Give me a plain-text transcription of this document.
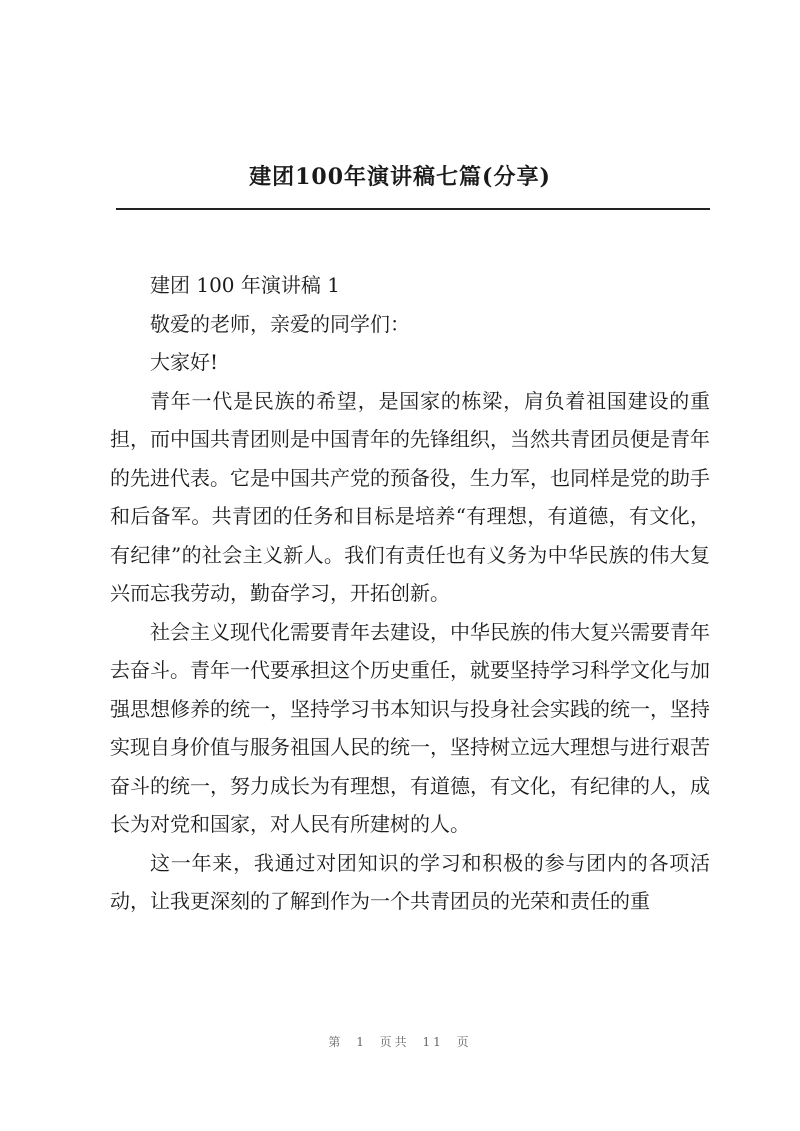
建团100年演讲稿七篇(分享)

建团 100 年演讲稿 1

敬爱的老师，亲爱的同学们：

大家好!

青年一代是民族的希望，是国家的栋梁，肩负着祖国建设的重担，而中国共青团则是中国青年的先锋组织，当然共青团员便是青年的先进代表。它是中国共产党的预备役，生力军，也同样是党的助手和后备军。共青团的任务和目标是培养“有理想，有道德，有文化，有纪律”的社会主义新人。我们有责任也有义务为中华民族的伟大复兴而忘我劳动，勤奋学习，开拓创新。

社会主义现代化需要青年去建设，中华民族的伟大复兴需要青年去奋斗。青年一代要承担这个历史重任，就要坚持学习科学文化与加强思想修养的统一，坚持学习书本知识与投身社会实践的统一，坚持实现自身价值与服务祖国人民的统一，坚持树立远大理想与进行艰苦奋斗的统一，努力成长为有理想，有道德，有文化，有纪律的人，成长为对党和国家，对人民有所建树的人。

这一年来，我通过对团知识的学习和积极的参与团内的各项活动，让我更深刻的了解到作为一个共青团员的光荣和责任的重

第 1 页共 11 页
